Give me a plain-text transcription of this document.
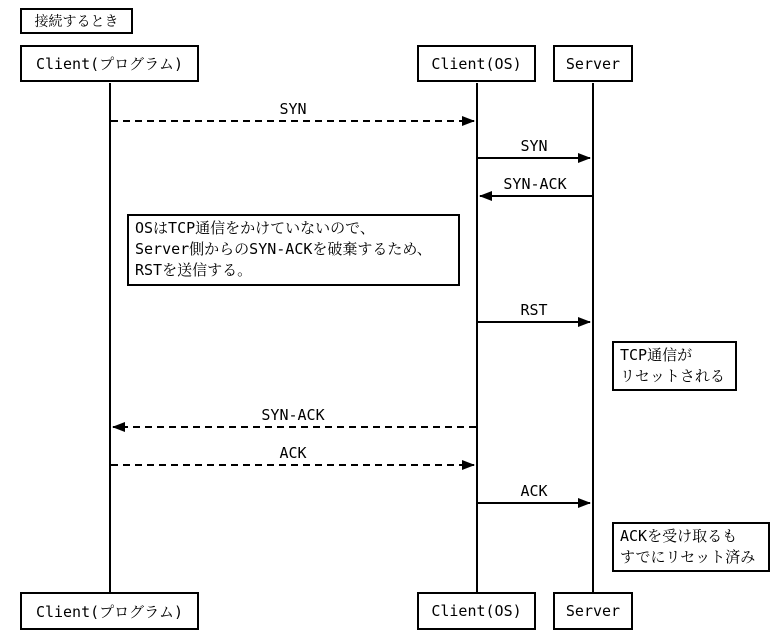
接続するとき
Client(プログラム)	Client(OS)	Server
Client(プログラム)	Client(OS)	Server
SYN
SYN
SYN-ACK
RST
SYN-ACK
ACK
ACK
OSはTCP通信をかけていないので、
Server側からのSYN-ACKを破棄するため、
RSTを送信する。
TCP通信が
リセットされる
ACKを受け取るも
すでにリセット済み
